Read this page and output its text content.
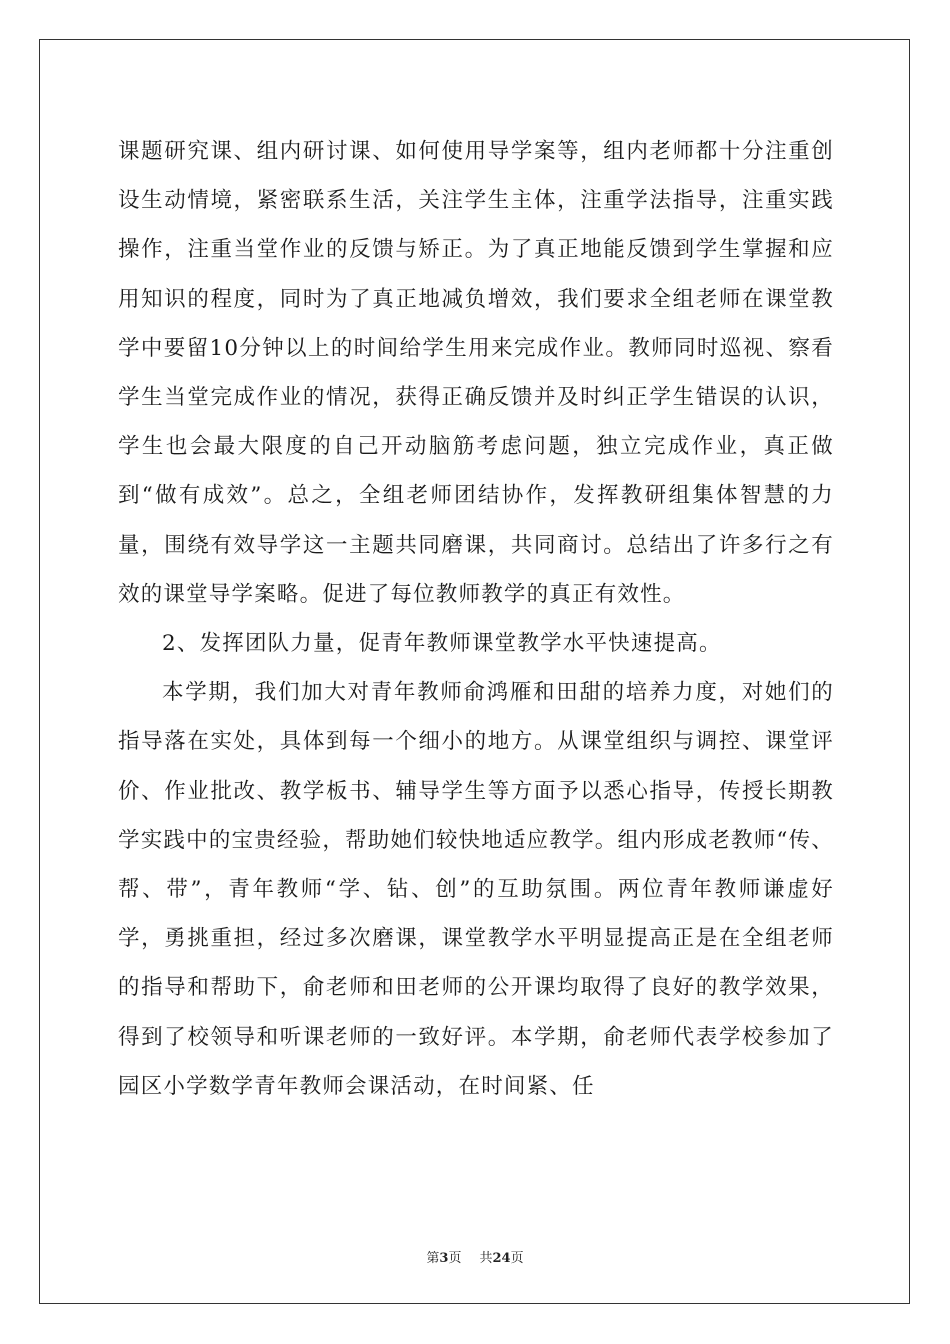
课题研究课、组内研讨课、如何使用导学案等，组内老师都十分注重创设生动情境，紧密联系生活，关注学生主体，注重学法指导，注重实践操作，注重当堂作业的反馈与矫正。为了真正地能反馈到学生掌握和应用知识的程度，同时为了真正地减负增效，我们要求全组老师在课堂教学中要留10分钟以上的时间给学生用来完成作业。教师同时巡视、察看学生当堂完成作业的情况，获得正确反馈并及时纠正学生错误的认识，学生也会最大限度的自己开动脑筋考虑问题，独立完成作业，真正做到“做有成效”。总之，全组老师团结协作，发挥教研组集体智慧的力量，围绕有效导学这一主题共同磨课，共同商讨。总结出了许多行之有效的课堂导学案略。促进了每位教师教学的真正有效性。

2、发挥团队力量，促青年教师课堂教学水平快速提高。

本学期，我们加大对青年教师俞鸿雁和田甜的培养力度，对她们的指导落在实处，具体到每一个细小的地方。从课堂组织与调控、课堂评价、作业批改、教学板书、辅导学生等方面予以悉心指导，传授长期教学实践中的宝贵经验，帮助她们较快地适应教学。组内形成老教师“传、帮、带”，青年教师“学、钻、创”的互助氛围。两位青年教师谦虚好学，勇挑重担，经过多次磨课，课堂教学水平明显提高正是在全组老师的指导和帮助下，俞老师和田老师的公开课均取得了良好的教学效果，得到了校领导和听课老师的一致好评。本学期，俞老师代表学校参加了园区小学数学青年教师会课活动，在时间紧、任

第3页 共24页
